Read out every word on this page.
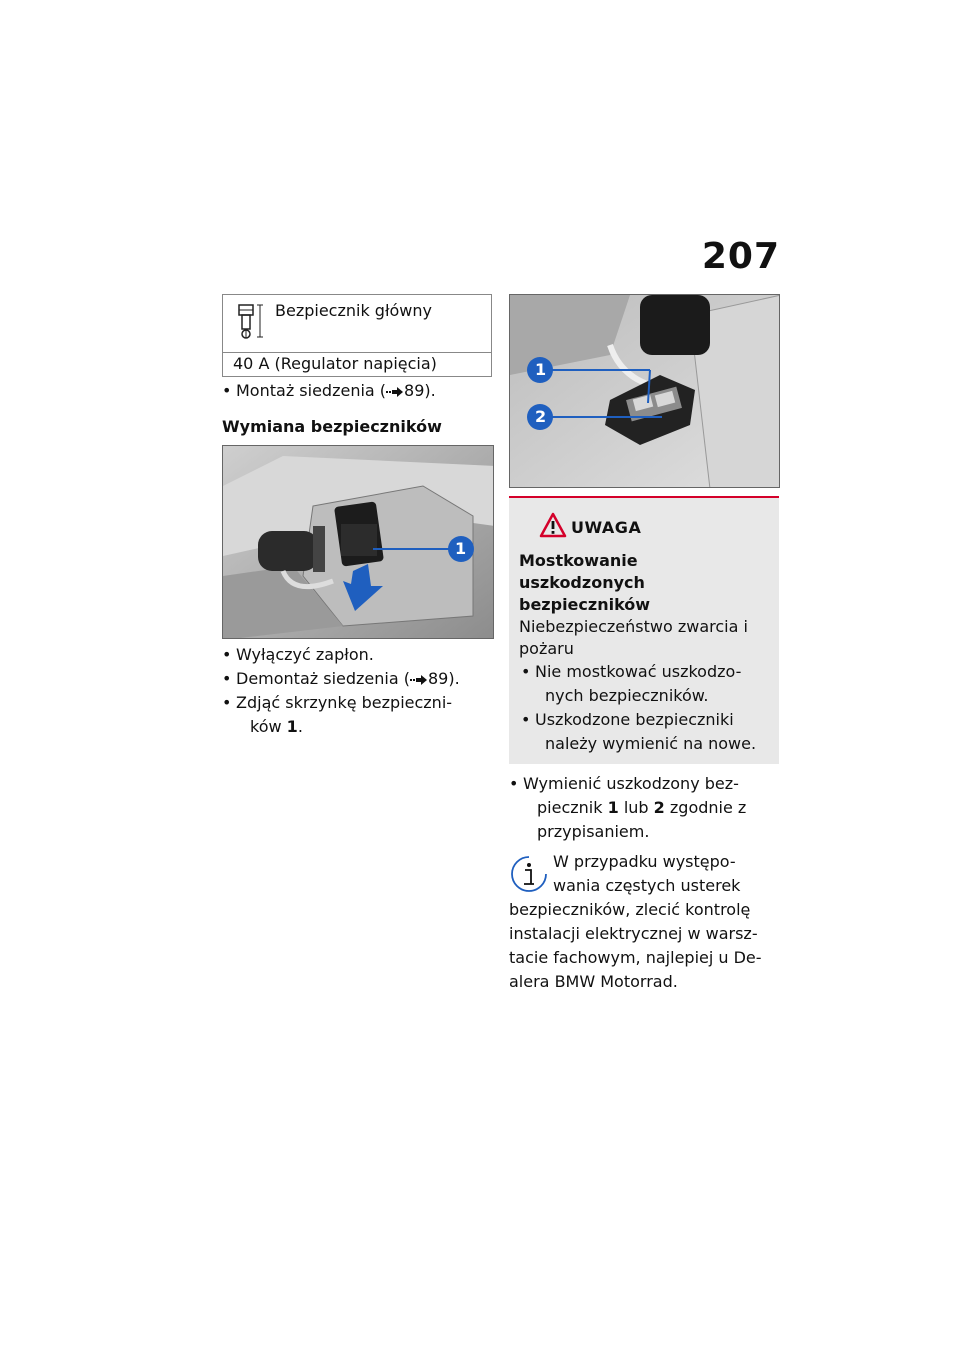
207
Bezpiecznik główny
40 A (Regulator napięcia)
• Montaż siedzenia ( 89).
Wymiana bezpieczników
1
• Wyłączyć zapłon.
• Demontaż siedzenia ( 89).
• Zdjąć skrzynkę bezpieczni-
ków 1.
1
2
UWAGA
Mostkowanie uszkodzonych
bezpieczników
Niebezpieczeństwo zwarcia i
pożaru
• Nie mostkować uszkodzo-
nych bezpieczników.
• Uszkodzone bezpieczniki
należy wymienić na nowe.
• Wymienić uszkodzony bez-
piecznik 1 lub 2 zgodnie z
przypisaniem.
W przypadku występo-
wania częstych usterek
bezpieczników, zlecić kontrolę
instalacji elektrycznej w warsz-
tacie fachowym, najlepiej u De-
alera BMW Motorrad.
